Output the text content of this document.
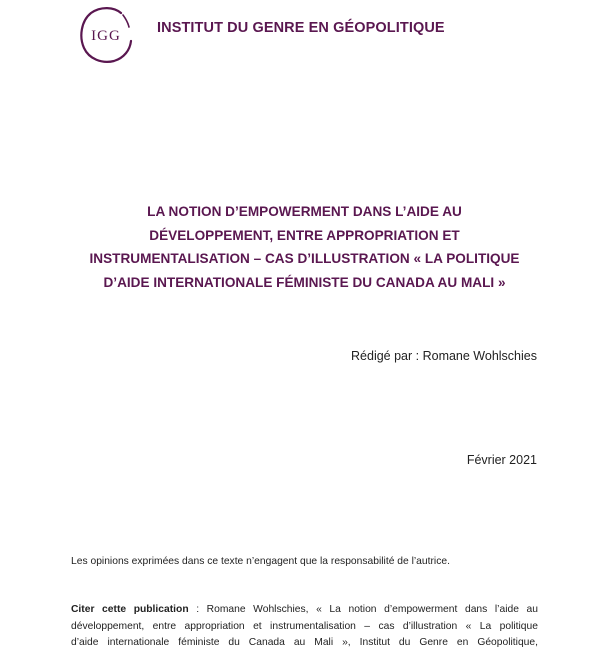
IGG INSTITUT DU GENRE EN GÉOPOLITIQUE
LA NOTION D’EMPOWERMENT DANS L’AIDE AU
DÉVELOPPEMENT, ENTRE APPROPRIATION ET
INSTRUMENTALISATION – CAS D’ILLUSTRATION « LA POLITIQUE
D’AIDE INTERNATIONALE FÉMINISTE DU CANADA AU MALI »
Rédigé par : Romane Wohlschies
Février 2021
Les opinions exprimées dans ce texte n’engagent que la responsabilité de l’autrice.
Citer cette publication : Romane Wohlschies, « La notion d’empowerment dans l’aide au
développement, entre appropriation et instrumentalisation – cas d’illustration « La politique
d’aide internationale féministe du Canada au Mali », Institut du Genre en Géopolitique,
